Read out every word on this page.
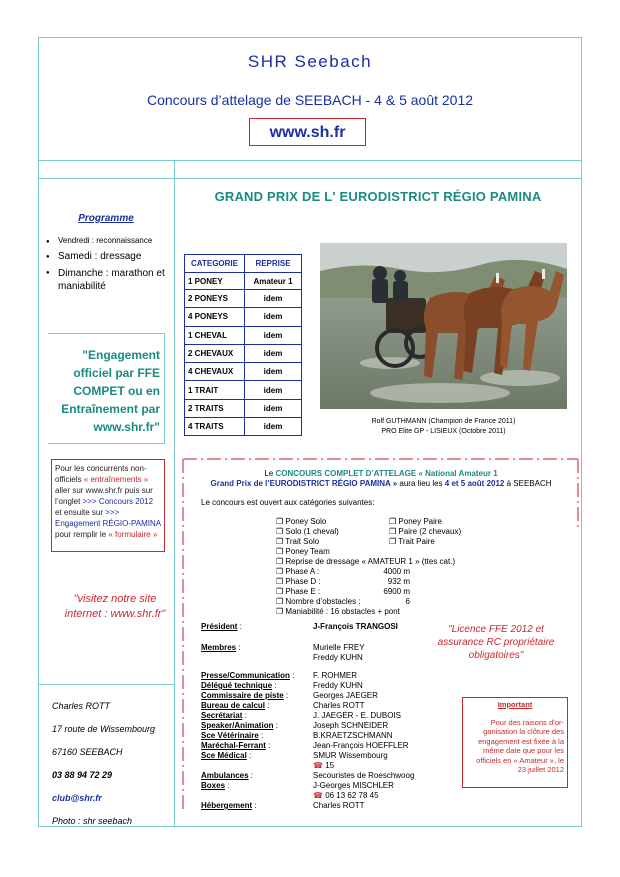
SHR Seebach
Concours d’attelage de SEEBACH - 4 & 5 août 2012
www.sh.fr
GRAND PRIX DE L' EURODISTRICT RÉGIO PAMINA
Programme
● Vendredi : reconnaissance
● Samedi : dressage
● Dimanche : marathon et maniabilité
"Engagement officiel par FFE COMPET ou en Entraînement par www.shr.fr"
Pour les concurrents non-officiels « entraînements » aller sur www.shr.fr puis sur l’onglet >>> Concours 2012 et ensuite sur >>> Engagement RÉGIO-PAMINA pour remplir le « formulaire »
"visitez notre site internet : www.shr.fr"
Charles ROTT
17 route de Wissembourg
67160 SEEBACH
03 88 94 72 29
club@shr.fr
Photo : shr seebach
CATEGORIE	REPRISE
1 PONEY	Amateur 1
2 PONEYS	idem
4 PONEYS	idem
1 CHEVAL	idem
2 CHEVAUX	idem
4 CHEVAUX	idem
1 TRAIT	idem
2 TRAITS	idem
4 TRAITS	idem
Rolf GUTHMANN (Champion de France 2011)
PRO Elite GP - LISIEUX (Octobre 2011)
Le CONCOURS COMPLET D’ATTELAGE « National Amateur 1
Grand Prix de l’EURODISTRICT RÉGIO PAMINA » aura lieu les 4 et 5 août 2012 à SEEBACH
Le concours est ouvert aux catégories suivantes:
❐ Poney Solo
❐ Solo (1 cheval)
❐ Trait Solo
❐ Poney Team
❐ Poney Paire
❐ Paire (2 chevaux)
❐ Trait Paire
❐ Reprise de dressage « AMATEUR 1 » (ttes cat.)
❐ Phase A :	4000 m
❐ Phase D :	932 m
❐ Phase E :	6900 m
❐ Nombre d’obstacles :	6
❐ Maniabilité : 16 obstacles + pont
"Licence FFE 2012 et assurance RC propriétaire obligatoires"
Président :	J-François TRANGOSI
Membres :	Murielle FREY
Freddy KUHN
Presse/Communication : F. ROHMER
Délégué technique :	Freddy KUHN
Commissaire de piste :	Georges JAEGER
Bureau de calcul :	Charles ROTT
Secrétariat :	J. JAEGER - E. DUBOIS
Speaker/Animation :	Joseph SCHNEIDER
Sce Vétérinaire :	B.KRAETZSCHMANN
Maréchal-Ferrant :	Jean-François HOEFFLER
Sce Médical :	SMUR Wissembourg
☎ 15
Ambulances :	Secouristes de Roeschwoog
Boxes :	J-Georges MISCHLER
☎ 06 13 62 78 45
Hébergement :	Charles ROTT
Important
Pour des raisons d’or-ganisation la clôture des engagement est fixée à la même date que pour les officiels en « Amateur », le 23 juillet 2012
